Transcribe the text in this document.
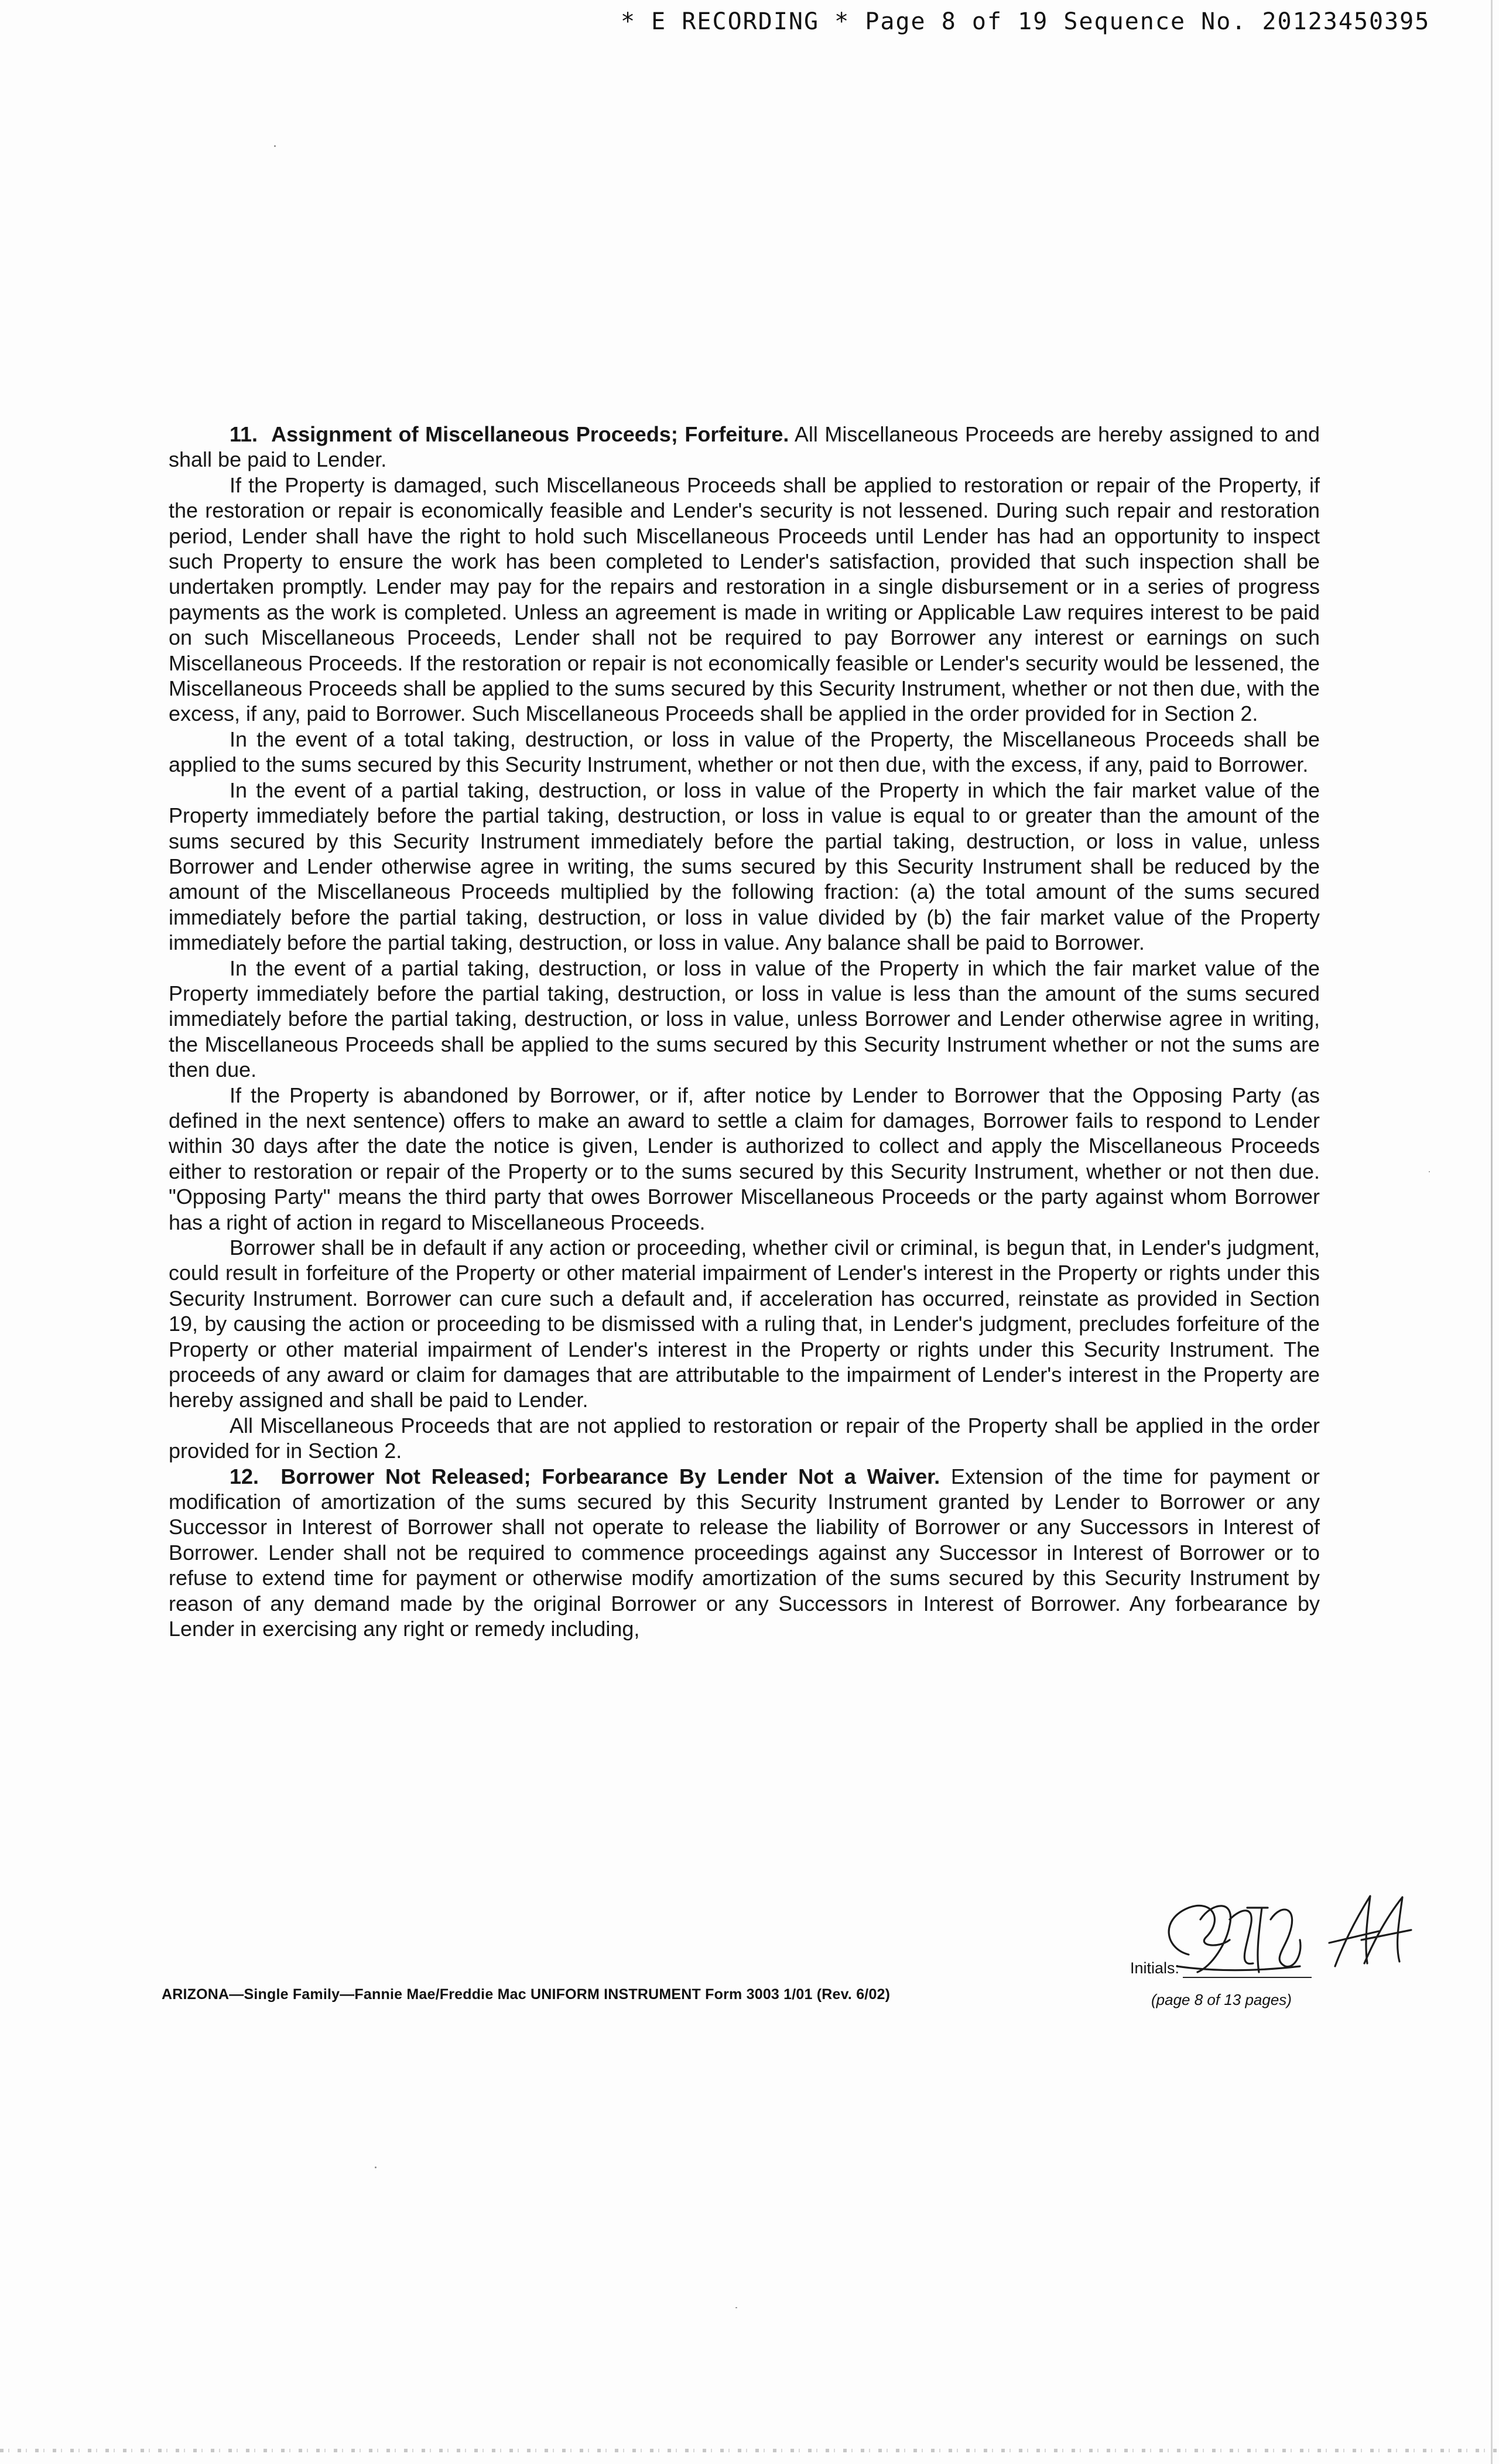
* E RECORDING * Page 8 of 19 Sequence No. 20123450395

11. Assignment of Miscellaneous Proceeds; Forfeiture. All Miscellaneous Proceeds are hereby assigned to and shall be paid to Lender.

If the Property is damaged, such Miscellaneous Proceeds shall be applied to restoration or repair of the Property, if the restoration or repair is economically feasible and Lender's security is not lessened. During such repair and restoration period, Lender shall have the right to hold such Miscellaneous Proceeds until Lender has had an opportunity to inspect such Property to ensure the work has been completed to Lender's satisfaction, provided that such inspection shall be undertaken promptly. Lender may pay for the repairs and restoration in a single disbursement or in a series of progress payments as the work is completed. Unless an agreement is made in writing or Applicable Law requires interest to be paid on such Miscellaneous Proceeds, Lender shall not be required to pay Borrower any interest or earnings on such Miscellaneous Proceeds. If the restoration or repair is not economically feasible or Lender's security would be lessened, the Miscellaneous Proceeds shall be applied to the sums secured by this Security Instrument, whether or not then due, with the excess, if any, paid to Borrower. Such Miscellaneous Proceeds shall be applied in the order provided for in Section 2.

In the event of a total taking, destruction, or loss in value of the Property, the Miscellaneous Proceeds shall be applied to the sums secured by this Security Instrument, whether or not then due, with the excess, if any, paid to Borrower.

In the event of a partial taking, destruction, or loss in value of the Property in which the fair market value of the Property immediately before the partial taking, destruction, or loss in value is equal to or greater than the amount of the sums secured by this Security Instrument immediately before the partial taking, destruction, or loss in value, unless Borrower and Lender otherwise agree in writing, the sums secured by this Security Instrument shall be reduced by the amount of the Miscellaneous Proceeds multiplied by the following fraction: (a) the total amount of the sums secured immediately before the partial taking, destruction, or loss in value divided by (b) the fair market value of the Property immediately before the partial taking, destruction, or loss in value. Any balance shall be paid to Borrower.

In the event of a partial taking, destruction, or loss in value of the Property in which the fair market value of the Property immediately before the partial taking, destruction, or loss in value is less than the amount of the sums secured immediately before the partial taking, destruction, or loss in value, unless Borrower and Lender otherwise agree in writing, the Miscellaneous Proceeds shall be applied to the sums secured by this Security Instrument whether or not the sums are then due.

If the Property is abandoned by Borrower, or if, after notice by Lender to Borrower that the Opposing Party (as defined in the next sentence) offers to make an award to settle a claim for damages, Borrower fails to respond to Lender within 30 days after the date the notice is given, Lender is authorized to collect and apply the Miscellaneous Proceeds either to restoration or repair of the Property or to the sums secured by this Security Instrument, whether or not then due. "Opposing Party" means the third party that owes Borrower Miscellaneous Proceeds or the party against whom Borrower has a right of action in regard to Miscellaneous Proceeds.

Borrower shall be in default if any action or proceeding, whether civil or criminal, is begun that, in Lender's judgment, could result in forfeiture of the Property or other material impairment of Lender's interest in the Property or rights under this Security Instrument. Borrower can cure such a default and, if acceleration has occurred, reinstate as provided in Section 19, by causing the action or proceeding to be dismissed with a ruling that, in Lender's judgment, precludes forfeiture of the Property or other material impairment of Lender's interest in the Property or rights under this Security Instrument. The proceeds of any award or claim for damages that are attributable to the impairment of Lender's interest in the Property are hereby assigned and shall be paid to Lender.

All Miscellaneous Proceeds that are not applied to restoration or repair of the Property shall be applied in the order provided for in Section 2.

12. Borrower Not Released; Forbearance By Lender Not a Waiver. Extension of the time for payment or modification of amortization of the sums secured by this Security Instrument granted by Lender to Borrower or any Successor in Interest of Borrower shall not operate to release the liability of Borrower or any Successors in Interest of Borrower. Lender shall not be required to commence proceedings against any Successor in Interest of Borrower or to refuse to extend time for payment or otherwise modify amortization of the sums secured by this Security Instrument by reason of any demand made by the original Borrower or any Successors in Interest of Borrower. Any forbearance by Lender in exercising any right or remedy including,

Initials:
ARIZONA—Single Family—Fannie Mae/Freddie Mac UNIFORM INSTRUMENT Form 3003 1/01 (Rev. 6/02)	(page 8 of 13 pages)
